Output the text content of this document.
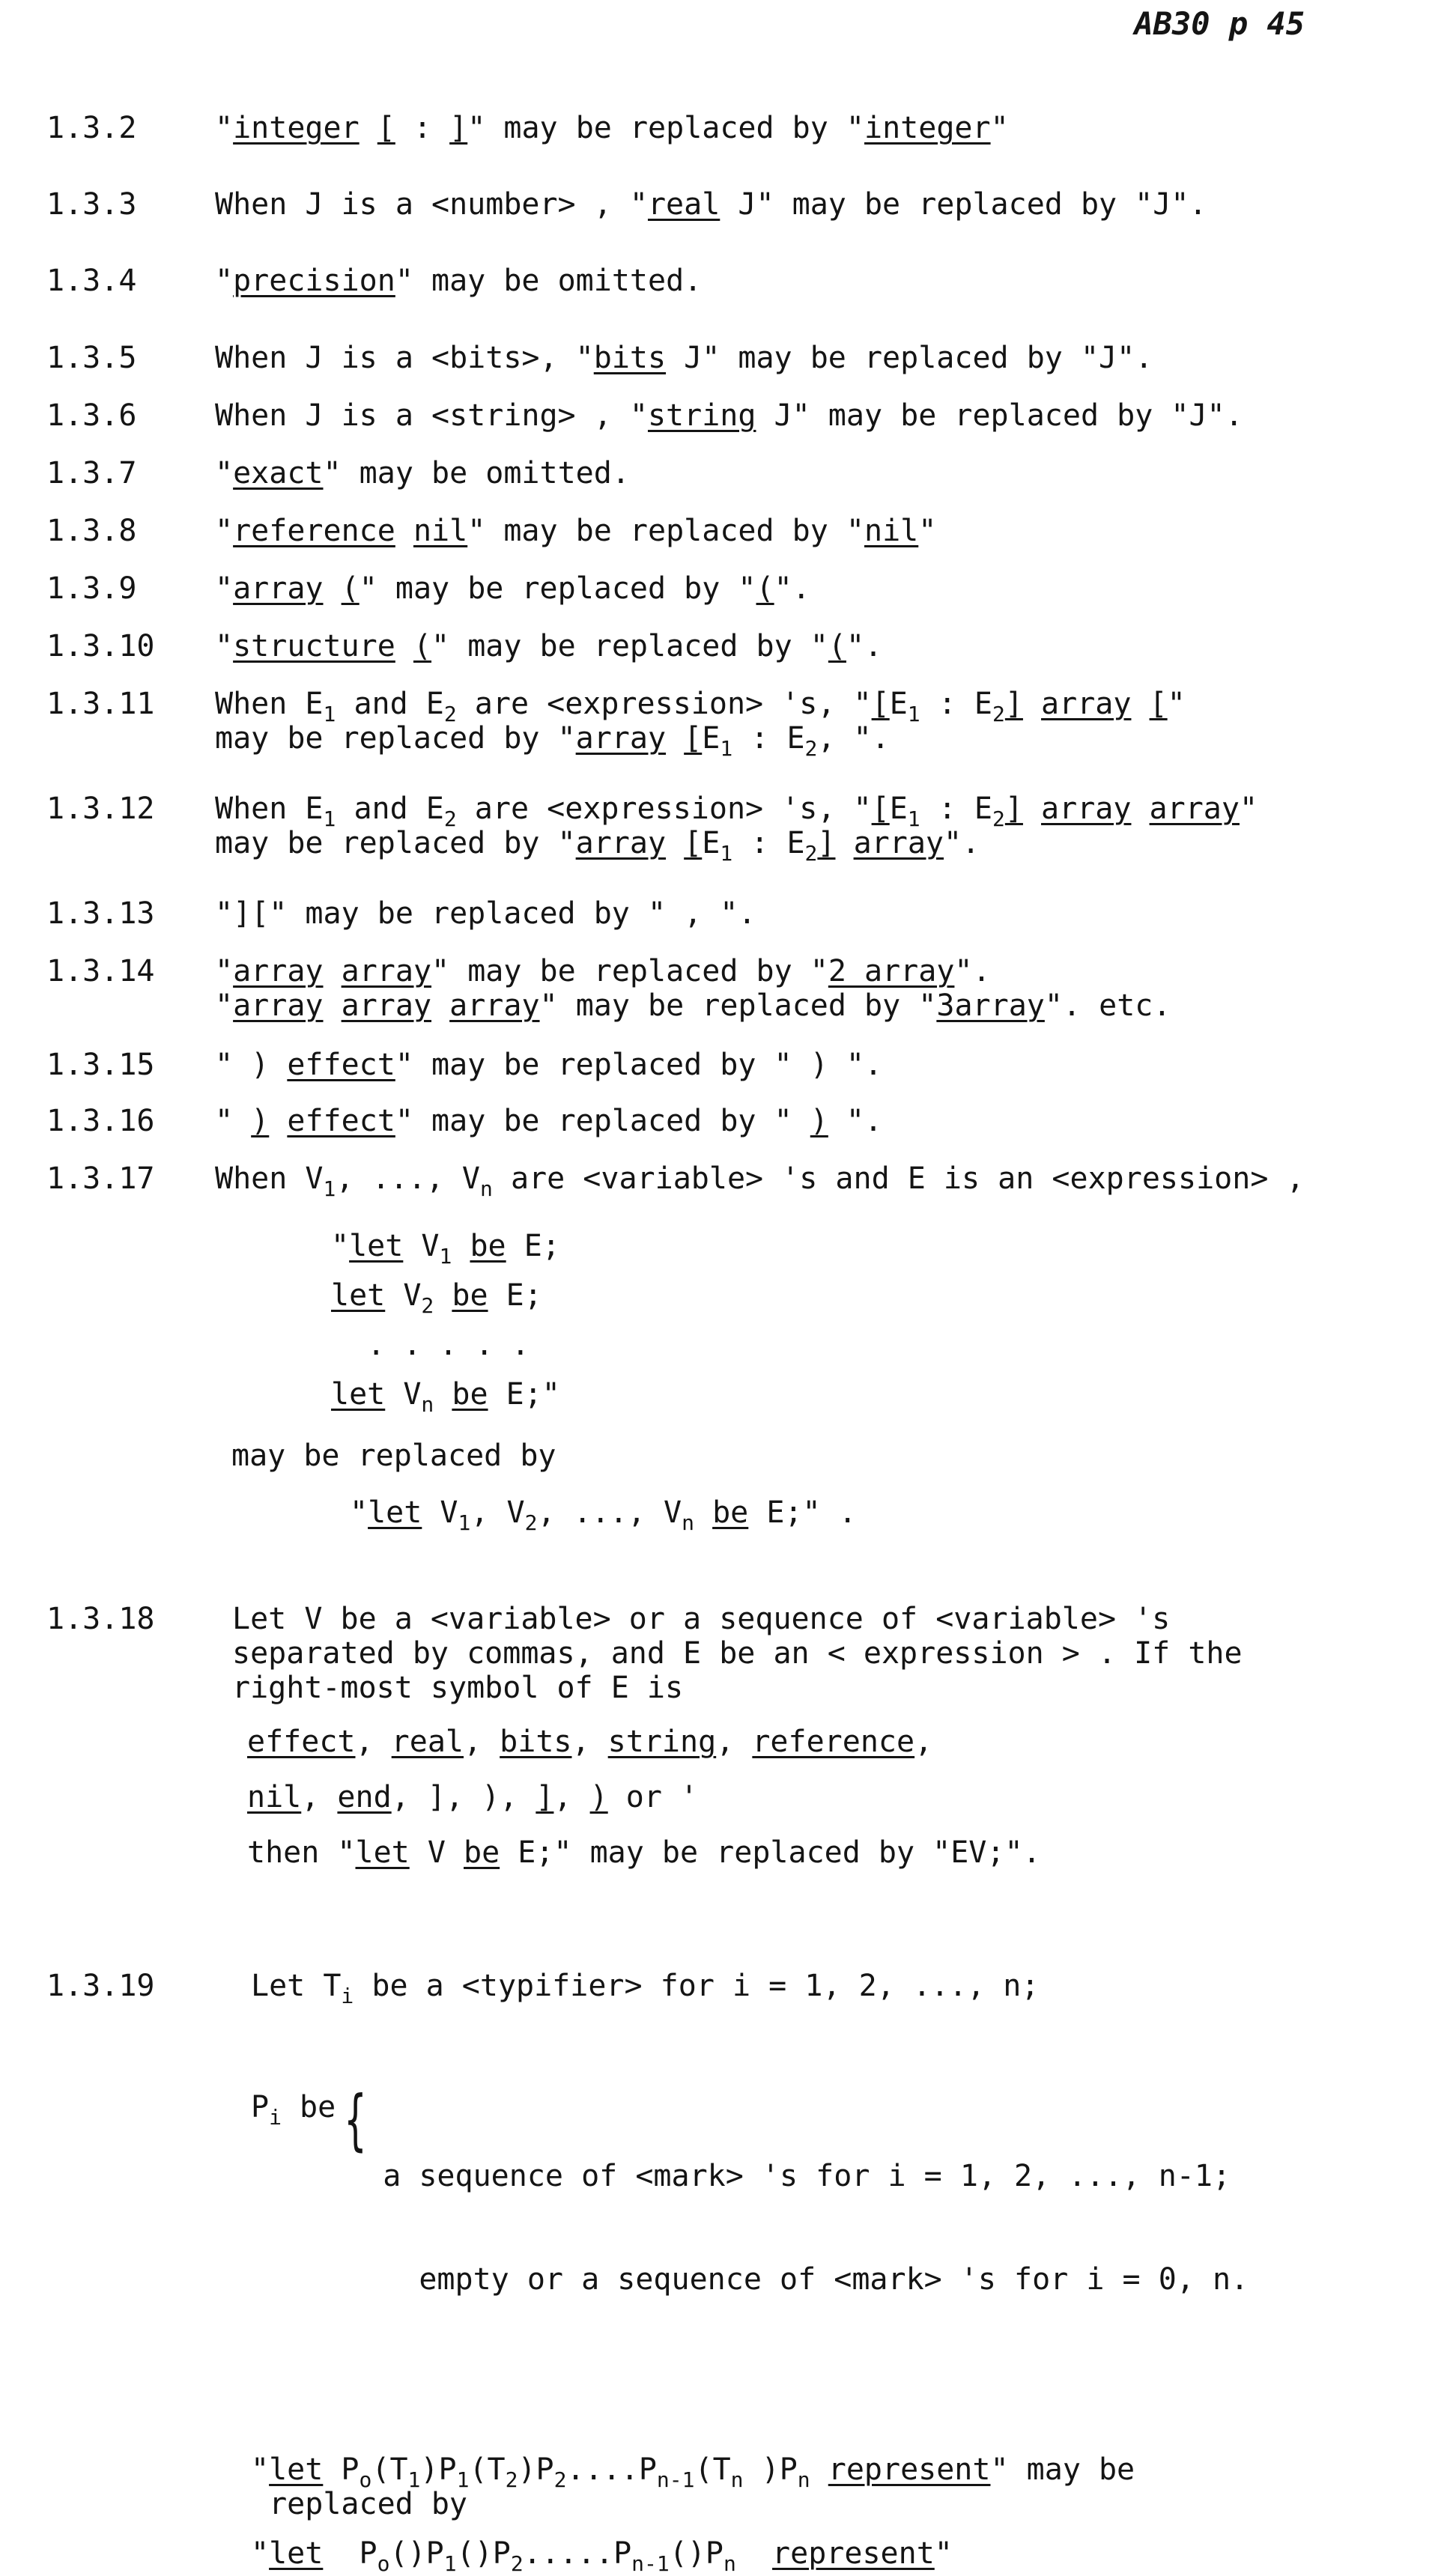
AB30 p 45
1.3.2	"integer [ : ]" may be replaced by "integer"
1.3.3	When J is a <number> , "real J" may be replaced by "J".
1.3.4	"precision" may be omitted.
1.3.5	When J is a <bits>, "bits J" may be replaced by "J".
1.3.6	When J is a <string> , "string J" may be replaced by "J".
1.3.7	"exact" may be omitted.
1.3.8	"reference nil" may be replaced by "nil"
1.3.9	"array (" may be replaced by "(".
1.3.10 "structure (" may be replaced by "(".
1.3.11 When $E_1$ and $E_2$ are <expression> 's, "[$E_1$ : $E_2$] array ["
may be replaced by "array [$E_1$ : $E_2$, ".
1.3.12 When $E_1$ and $E_2$ are <expression> 's, "[$E_1$ : $E_2$] array array"
may be replaced by "array [$E_1$ : $E_2$] array".
1.3.13 "][" may be replaced by " , ".
1.3.14 "array array" may be replaced by "2 array".
"array array array" may be replaced by "3array". etc.
1.3.15 " ) effect" may be replaced by " ) ".
1.3.16 " ) effect" may be replaced by " ) ".
1.3.17 When $V_1$, ..., $V_n$ are <variable> 's and E is an <expression> ,
"let $V_1$ be E;
let $V_2$ be E;
. . . . .
let $V_n$ be E;"
may be replaced by
"let $V_1$, $V_2$, ..., $V_n$ be E;" .
1.3.18	Let V be a <variable> or a sequence of <variable> 's
separated by commas, and E be an < expression > . If the
right-most symbol of E is
effect, real, bits, string, reference,
nil, end, ], ), ], ) or '
then "let V be E;" may be replaced by "EV;".
1.3.19	Let $T_i$ be a <typifier> for i = 1, 2, ..., n;

$P_i$ be {

a sequence of <mark> 's for i = 1, 2, ..., n-1;

empty or a sequence of <mark> 's for i = 0, n.

"let $P_o(T_1)P_1(T_2)P_2....P_{n-1}(T_n$ )$P_n$ represent" may be
replaced by
"let  $P_o()P_1()P_2.....P_{n-1}()P_n$ represent"
